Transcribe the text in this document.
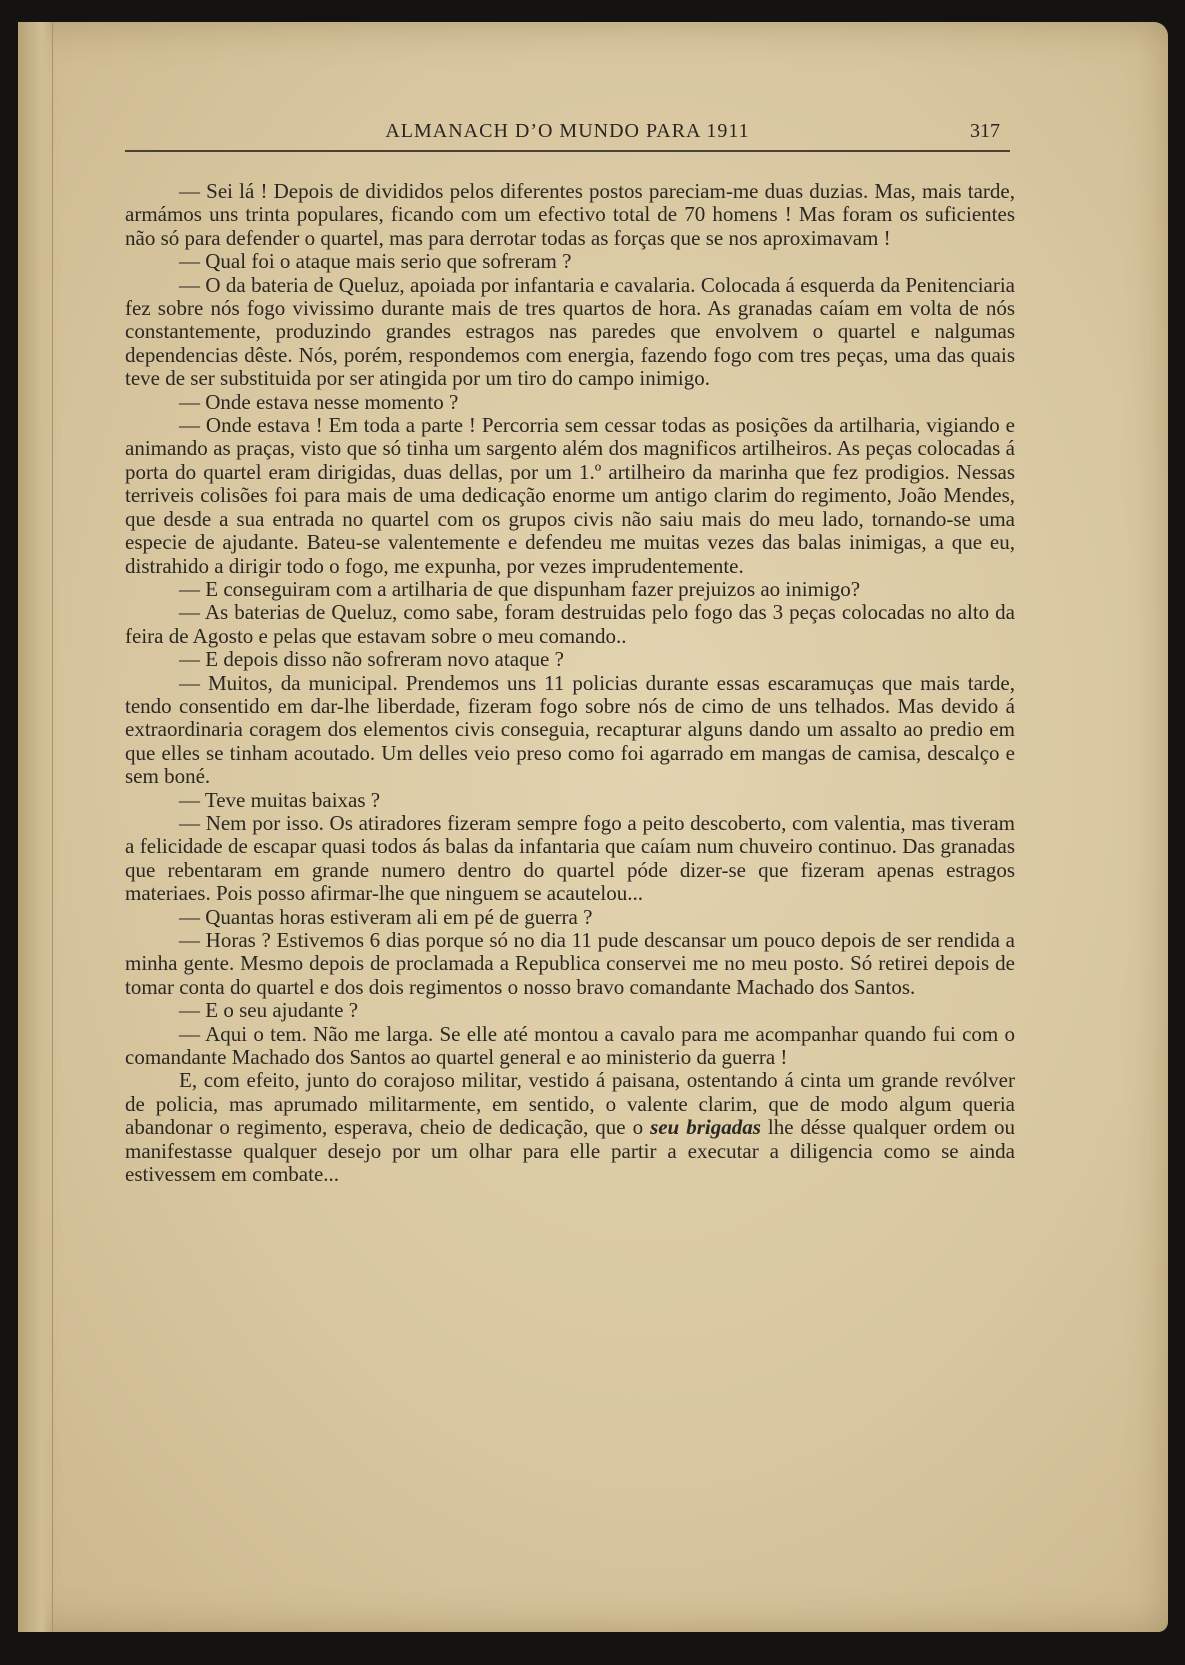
ALMANACH D’O MUNDO PARA 1911	317

— Sei lá ! Depois de divididos pelos diferentes postos pareciam-me duas duzias. Mas, mais tarde, armámos uns trinta populares, ficando com um efectivo total de 70 homens ! Mas foram os suficientes não só para defender o quartel, mas para derrotar todas as forças que se nos aproximavam !

— Qual foi o ataque mais serio que sofreram ?

— O da bateria de Queluz, apoiada por infantaria e cavalaria. Colocada á esquerda da Penitenciaria fez sobre nós fogo vivissimo durante mais de tres quartos de hora. As granadas caíam em volta de nós constantemente, produzindo grandes estragos nas paredes que envolvem o quartel e nalgumas dependencias dêste. Nós, porém, respondemos com energia, fazendo fogo com tres peças, uma das quais teve de ser substituida por ser atingida por um tiro do campo inimigo.

— Onde estava nesse momento ?

— Onde estava ! Em toda a parte ! Percorria sem cessar todas as posições da artilharia, vigiando e animando as praças, visto que só tinha um sargento além dos magnificos artilheiros. As peças colocadas á porta do quartel eram dirigidas, duas dellas, por um 1.º artilheiro da marinha que fez prodigios. Nessas terriveis colisões foi para mais de uma dedicação enorme um antigo clarim do regimento, João Mendes, que desde a sua entrada no quartel com os grupos civis não saiu mais do meu lado, tornando-se uma especie de ajudante. Bateu-se valentemente e defendeu me muitas vezes das balas inimigas, a que eu, distrahido a dirigir todo o fogo, me expunha, por vezes imprudentemente.

— E conseguiram com a artilharia de que dispunham fazer prejuizos ao inimigo?

— As baterias de Queluz, como sabe, foram destruidas pelo fogo das 3 peças colocadas no alto da feira de Agosto e pelas que estavam sobre o meu comando..

— E depois disso não sofreram novo ataque ?

— Muitos, da municipal. Prendemos uns 11 policias durante essas escaramuças que mais tarde, tendo consentido em dar-lhe liberdade, fizeram fogo sobre nós de cimo de uns telhados. Mas devido á extraordinaria coragem dos elementos civis conseguia, recapturar alguns dando um assalto ao predio em que elles se tinham acoutado. Um delles veio preso como foi agarrado em mangas de camisa, descalço e sem boné.

— Teve muitas baixas ?

— Nem por isso. Os atiradores fizeram sempre fogo a peito descoberto, com valentia, mas tiveram a felicidade de escapar quasi todos ás balas da infantaria que caíam num chuveiro continuo. Das granadas que rebentaram em grande numero dentro do quartel póde dizer-se que fizeram apenas estragos materiaes. Pois posso afirmar-lhe que ninguem se acautelou...

— Quantas horas estiveram ali em pé de guerra ?

— Horas ? Estivemos 6 dias porque só no dia 11 pude descansar um pouco depois de ser rendida a minha gente. Mesmo depois de proclamada a Republica conservei me no meu posto. Só retirei depois de tomar conta do quartel e dos dois regimentos o nosso bravo comandante Machado dos Santos.

— E o seu ajudante ?

— Aqui o tem. Não me larga. Se elle até montou a cavalo para me acompanhar quando fui com o comandante Machado dos Santos ao quartel general e ao ministerio da guerra !

E, com efeito, junto do corajoso militar, vestido á paisana, ostentando á cinta um grande revólver de policia, mas aprumado militarmente, em sentido, o valente clarim, que de modo algum queria abandonar o regimento, esperava, cheio de dedicação, que o seu brigadas lhe désse qualquer ordem ou manifestasse qualquer desejo por um olhar para elle partir a executar a diligencia como se ainda estivessem em combate...
